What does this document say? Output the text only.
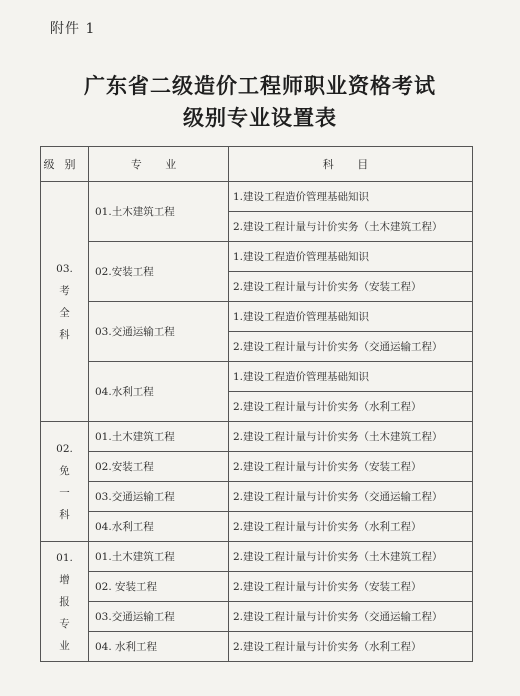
附件 1
广东省二级造价工程师职业资格考试
级别专业设置表
级别	专 业	科 目

03.
考
全
科	01.土木建筑工程	1.建设工程造价管理基础知识
		2.建设工程计量与计价实务（土木建筑工程）
	02.安装工程	1.建设工程造价管理基础知识
		2.建设工程计量与计价实务（安装工程）
	03.交通运输工程	1.建设工程造价管理基础知识
		2.建设工程计量与计价实务（交通运输工程）
	04.水利工程	1.建设工程造价管理基础知识
		2.建设工程计量与计价实务（水利工程）

02.
免
一
科	01.土木建筑工程	2.建设工程计量与计价实务（土木建筑工程）
	02.安装工程	2.建设工程计量与计价实务（安装工程）
	03.交通运输工程	2.建设工程计量与计价实务（交通运输工程）
	04.水利工程	2.建设工程计量与计价实务（水利工程）

01.
增
报
专
业	01.土木建筑工程	2.建设工程计量与计价实务（土木建筑工程）
	02. 安装工程	2.建设工程计量与计价实务（安装工程）
	03.交通运输工程	2.建设工程计量与计价实务（交通运输工程）
	04. 水利工程	2.建设工程计量与计价实务（水利工程）
